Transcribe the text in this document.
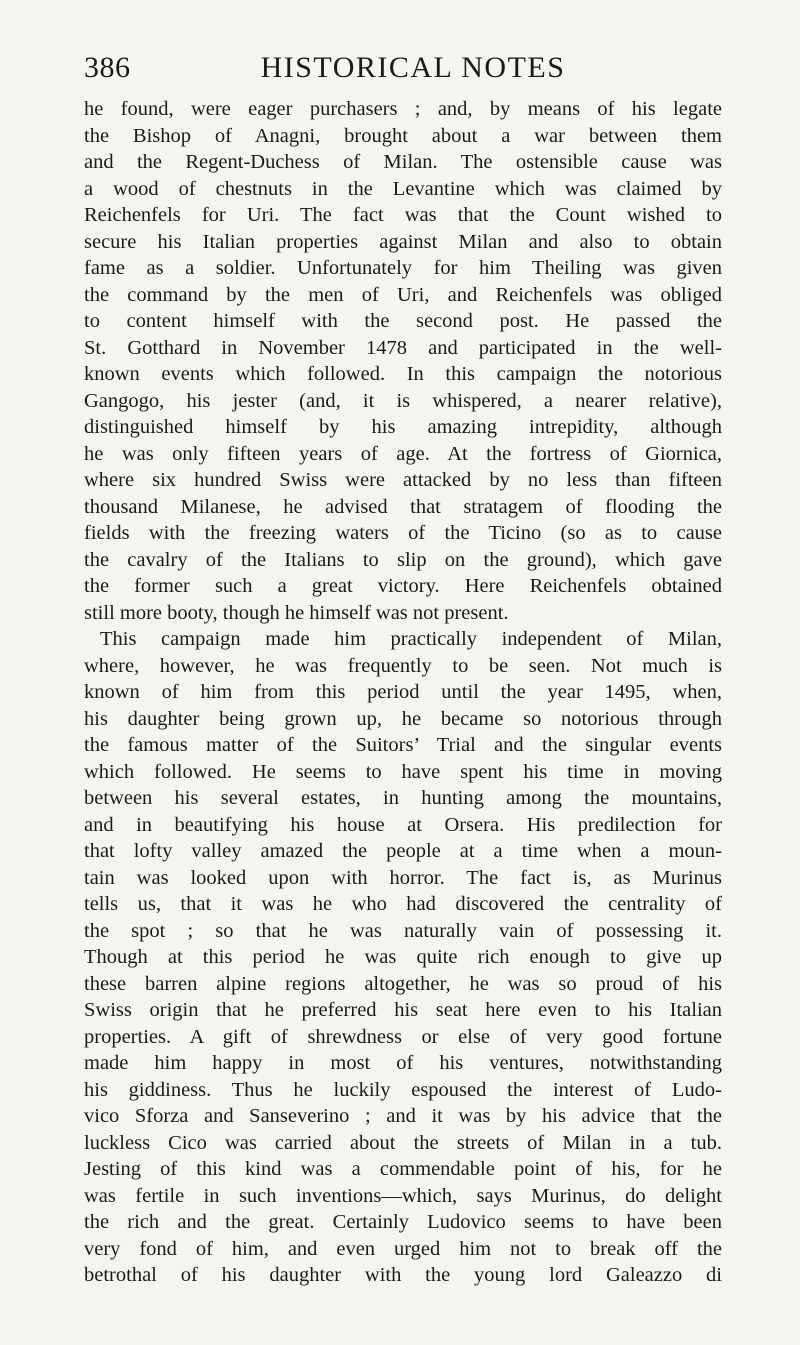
386	HISTORICAL NOTES
he found, were eager purchasers ; and, by means of his legate
the Bishop of Anagni, brought about a war between them
and the Regent-Duchess of Milan. The ostensible cause was
a wood of chestnuts in the Levantine which was claimed by
Reichenfels for Uri. The fact was that the Count wished to
secure his Italian properties against Milan and also to obtain
fame as a soldier. Unfortunately for him Theiling was given
the command by the men of Uri, and Reichenfels was obliged
to content himself with the second post. He passed the
St. Gotthard in November 1478 and participated in the well-
known events which followed. In this campaign the notorious
Gangogo, his jester (and, it is whispered, a nearer relative),
distinguished himself by his amazing intrepidity, although
he was only fifteen years of age. At the fortress of Giornica,
where six hundred Swiss were attacked by no less than fifteen
thousand Milanese, he advised that stratagem of flooding the
fields with the freezing waters of the Ticino (so as to cause
the cavalry of the Italians to slip on the ground), which gave
the former such a great victory. Here Reichenfels obtained
still more booty, though he himself was not present.
This campaign made him practically independent of Milan,
where, however, he was frequently to be seen. Not much is
known of him from this period until the year 1495, when,
his daughter being grown up, he became so notorious through
the famous matter of the Suitors’ Trial and the singular events
which followed. He seems to have spent his time in moving
between his several estates, in hunting among the mountains,
and in beautifying his house at Orsera. His predilection for
that lofty valley amazed the people at a time when a moun-
tain was looked upon with horror. The fact is, as Murinus
tells us, that it was he who had discovered the centrality of
the spot ; so that he was naturally vain of possessing it.
Though at this period he was quite rich enough to give up
these barren alpine regions altogether, he was so proud of his
Swiss origin that he preferred his seat here even to his Italian
properties. A gift of shrewdness or else of very good fortune
made him happy in most of his ventures, notwithstanding
his giddiness. Thus he luckily espoused the interest of Ludo-
vico Sforza and Sanseverino ; and it was by his advice that the
luckless Cico was carried about the streets of Milan in a tub.
Jesting of this kind was a commendable point of his, for he
was fertile in such inventions—which, says Murinus, do delight
the rich and the great. Certainly Ludovico seems to have been
very fond of him, and even urged him not to break off the
betrothal of his daughter with the young lord Galeazzo di
